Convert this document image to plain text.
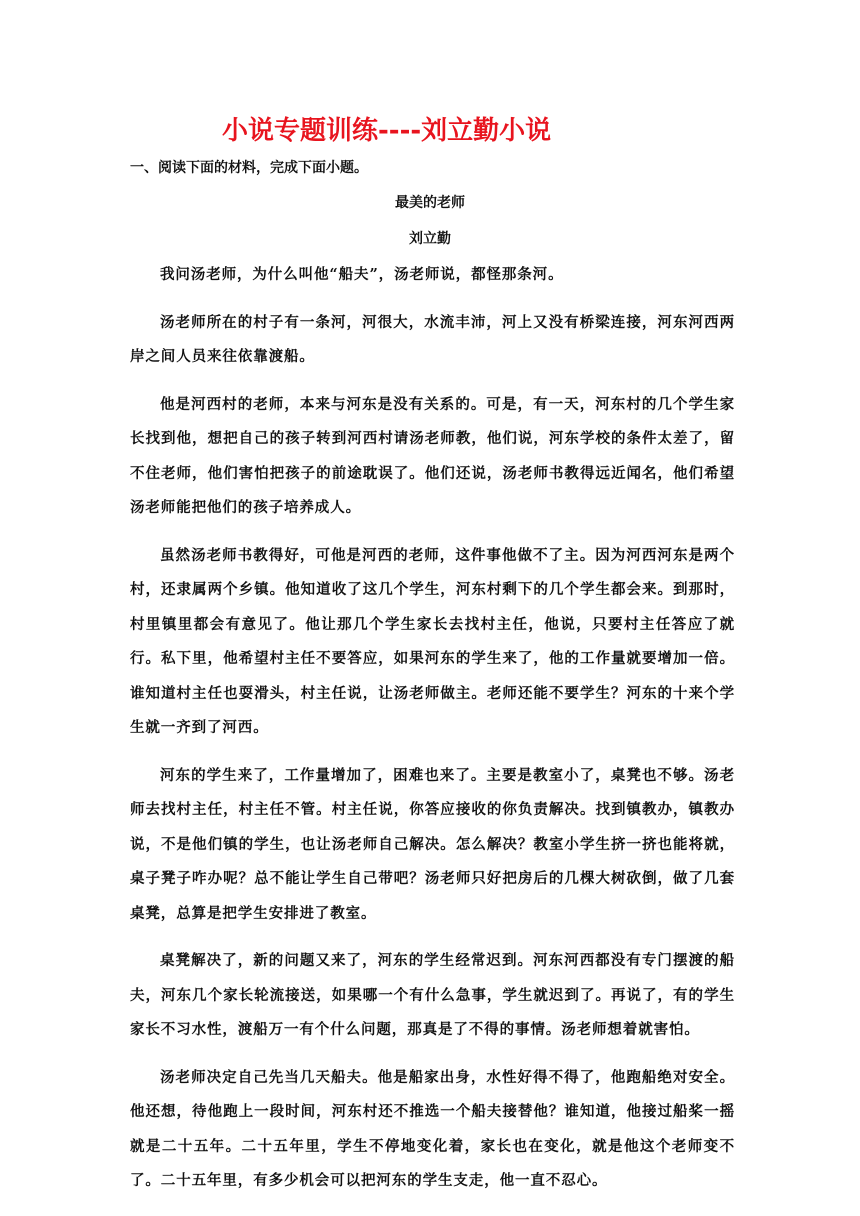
小说专题训练----刘立勤小说
一、阅读下面的材料，完成下面小题。
最美的老师
刘立勤

我问汤老师，为什么叫他“船夫”，汤老师说，都怪那条河。

汤老师所在的村子有一条河，河很大，水流丰沛，河上又没有桥梁连接，河东河西两岸之间人员来往依靠渡船。

他是河西村的老师，本来与河东是没有关系的。可是，有一天，河东村的几个学生家长找到他，想把自己的孩子转到河西村请汤老师教，他们说，河东学校的条件太差了，留不住老师，他们害怕把孩子的前途耽误了。他们还说，汤老师书教得远近闻名，他们希望汤老师能把他们的孩子培养成人。

虽然汤老师书教得好，可他是河西的老师，这件事他做不了主。因为河西河东是两个村，还隶属两个乡镇。他知道收了这几个学生，河东村剩下的几个学生都会来。到那时，村里镇里都会有意见了。他让那几个学生家长去找村主任，他说，只要村主任答应了就行。私下里，他希望村主任不要答应，如果河东的学生来了，他的工作量就要增加一倍。谁知道村主任也耍滑头，村主任说，让汤老师做主。老师还能不要学生？河东的十来个学生就一齐到了河西。

河东的学生来了，工作量增加了，困难也来了。主要是教室小了，桌凳也不够。汤老师去找村主任，村主任不管。村主任说，你答应接收的你负责解决。找到镇教办，镇教办说，不是他们镇的学生，也让汤老师自己解决。怎么解决？教室小学生挤一挤也能将就，桌子凳子咋办呢？总不能让学生自己带吧？汤老师只好把房后的几棵大树砍倒，做了几套桌凳，总算是把学生安排进了教室。

桌凳解决了，新的问题又来了，河东的学生经常迟到。河东河西都没有专门摆渡的船夫，河东几个家长轮流接送，如果哪一个有什么急事，学生就迟到了。再说了，有的学生家长不习水性，渡船万一有个什么问题，那真是了不得的事情。汤老师想着就害怕。

汤老师决定自己先当几天船夫。他是船家出身，水性好得不得了，他跑船绝对安全。他还想，待他跑上一段时间，河东村还不推选一个船夫接替他？谁知道，他接过船桨一摇就是二十五年。二十五年里，学生不停地变化着，家长也在变化，就是他这个老师变不了。二十五年里，有多少机会可以把河东的学生支走，他一直不忍心。
